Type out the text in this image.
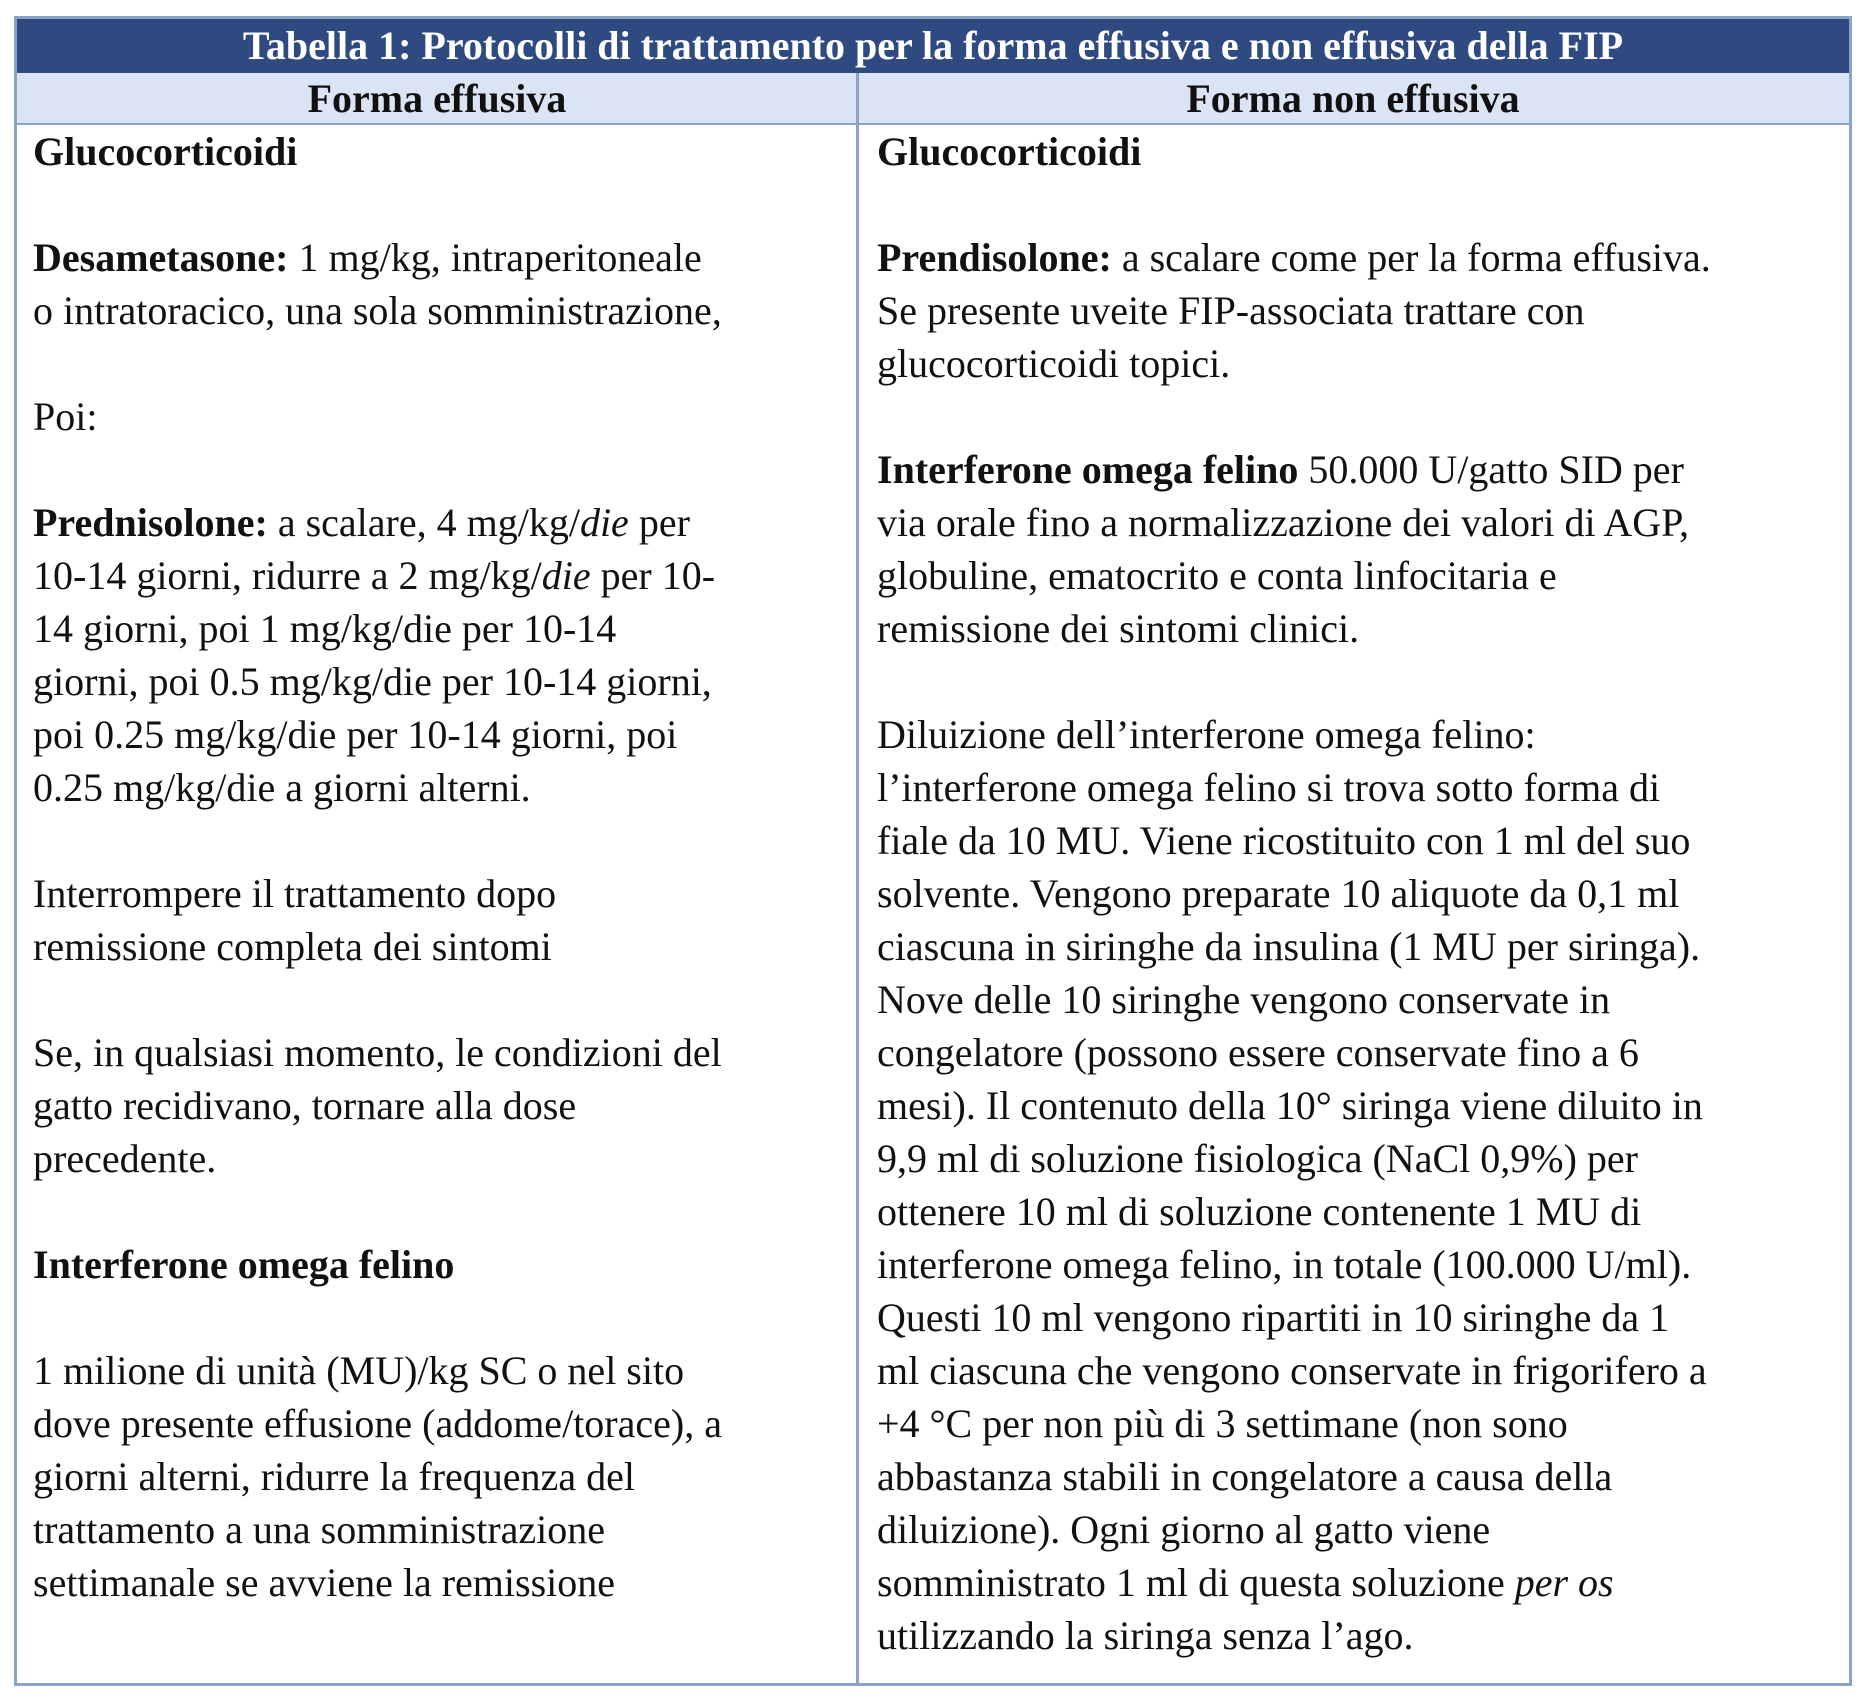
Tabella 1: Protocolli di trattamento per la forma effusiva e non effusiva della FIP
Forma effusiva	Forma non effusiva

Glucocorticoidi

Desametasone: 1 mg/kg, intraperitoneale

o intratoracico, una sola somministrazione,

Poi:

Prednisolone: a scalare, 4 mg/kg/die per

10-14 giorni, ridurre a 2 mg/kg/die per 10-

14 giorni, poi 1 mg/kg/die per 10-14

giorni, poi 0.5 mg/kg/die per 10-14 giorni,

poi 0.25 mg/kg/die per 10-14 giorni, poi

0.25 mg/kg/die a giorni alterni.

Interrompere il trattamento dopo

remissione completa dei sintomi

Se, in qualsiasi momento, le condizioni del

gatto recidivano, tornare alla dose

precedente.

Interferone omega felino

1 milione di unità (MU)/kg SC o nel sito

dove presente effusione (addome/torace), a

giorni alterni, ridurre la frequenza del

trattamento a una somministrazione

settimanale se avviene la remissione

Glucocorticoidi

Prendisolone: a scalare come per la forma effusiva.

Se presente uveite FIP-associata trattare con

glucocorticoidi topici.

Interferone omega felino 50.000 U/gatto SID per

via orale fino a normalizzazione dei valori di AGP,

globuline, ematocrito e conta linfocitaria e

remissione dei sintomi clinici.

Diluizione dell’interferone omega felino:

l’interferone omega felino si trova sotto forma di

fiale da 10 MU. Viene ricostituito con 1 ml del suo

solvente. Vengono preparate 10 aliquote da 0,1 ml

ciascuna in siringhe da insulina (1 MU per siringa).

Nove delle 10 siringhe vengono conservate in

congelatore (possono essere conservate fino a 6

mesi). Il contenuto della 10° siringa viene diluito in

9,9 ml di soluzione fisiologica (NaCl 0,9%) per

ottenere 10 ml di soluzione contenente 1 MU di

interferone omega felino, in totale (100.000 U/ml).

Questi 10 ml vengono ripartiti in 10 siringhe da 1

ml ciascuna che vengono conservate in frigorifero a

+4 °C per non più di 3 settimane (non sono

abbastanza stabili in congelatore a causa della

diluizione). Ogni giorno al gatto viene

somministrato 1 ml di questa soluzione per os

utilizzando la siringa senza l’ago.
